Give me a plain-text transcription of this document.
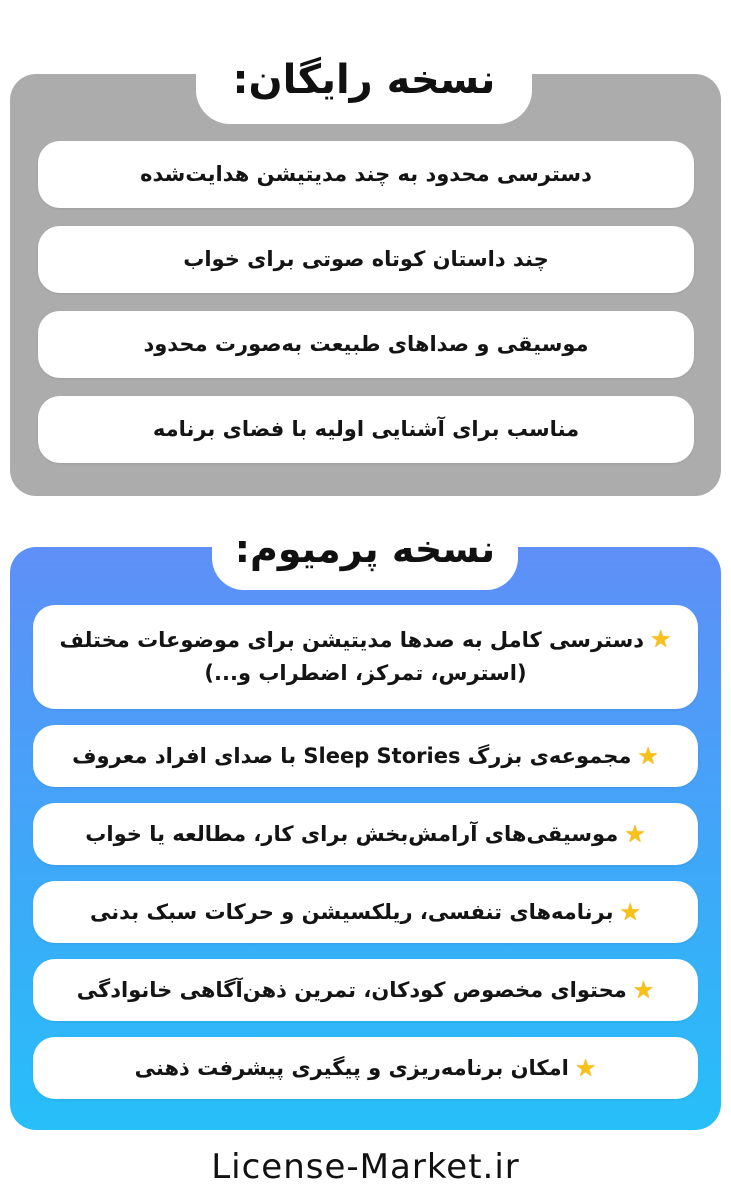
نسخه رایگان:
دسترسی محدود به چند مدیتیشن هدایت‌شده
چند داستان کوتاه صوتی برای خواب
موسیقی و صداهای طبیعت به‌صورت محدود
مناسب برای آشنایی اولیه با فضای برنامه
نسخه پرمیوم:
★دسترسی کامل به صدها مدیتیشن برای موضوعات مختلف (استرس، تمرکز، اضطراب و...)
★
مجموعه‌ی بزرگ Sleep Stories با صدای افراد معروف
★
موسیقی‌های آرامش‌بخش برای کار، مطالعه یا خواب
★
برنامه‌های تنفسی، ریلکسیشن و حرکات سبک بدنی
★
محتوای مخصوص کودکان، تمرین ذهن‌آگاهی خانوادگی
★
امکان برنامه‌ریزی و پیگیری پیشرفت ذهنی
License-Market.ir
